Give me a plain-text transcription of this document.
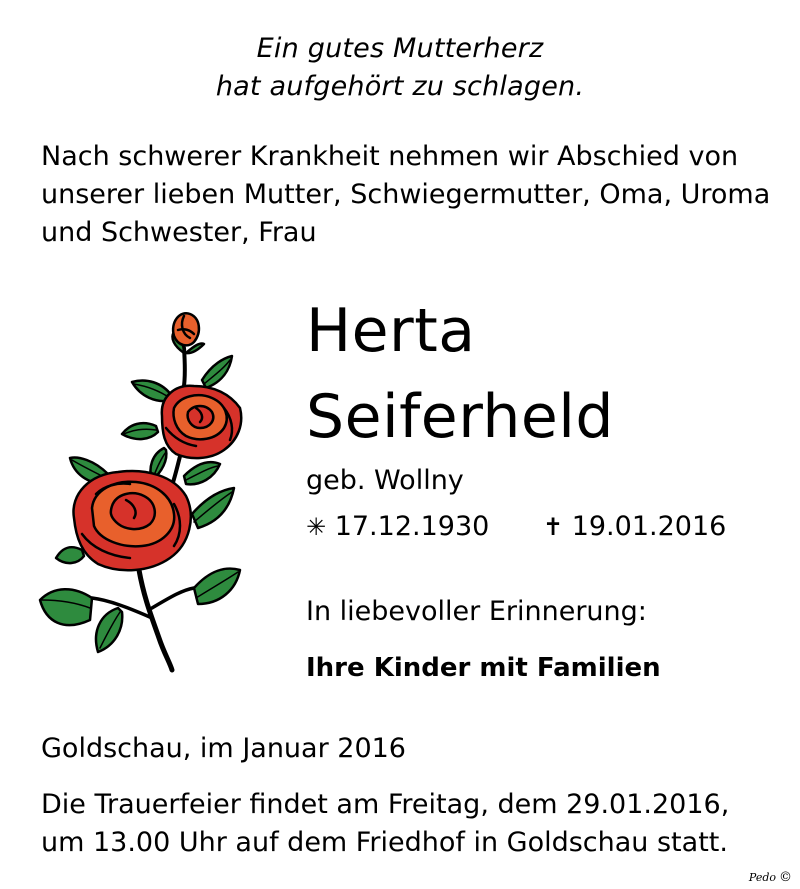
Ein gutes Mutterherz
hat aufgehört zu schlagen.
Nach schwerer Krankheit nehmen wir Abschied von
unserer lieben Mutter, Schwiegermutter, Oma, Uroma
und Schwester, Frau
Herta
Seiferheld
geb. Wollny
✳ 17.12.1930 ✝ 19.01.2016
In liebevoller Erinnerung:
Ihre Kinder mit Familien
Goldschau, im Januar 2016
Die Trauerfeier findet am Freitag, dem 29.01.2016,
um 13.00 Uhr auf dem Friedhof in Goldschau statt.
Pedo ©
